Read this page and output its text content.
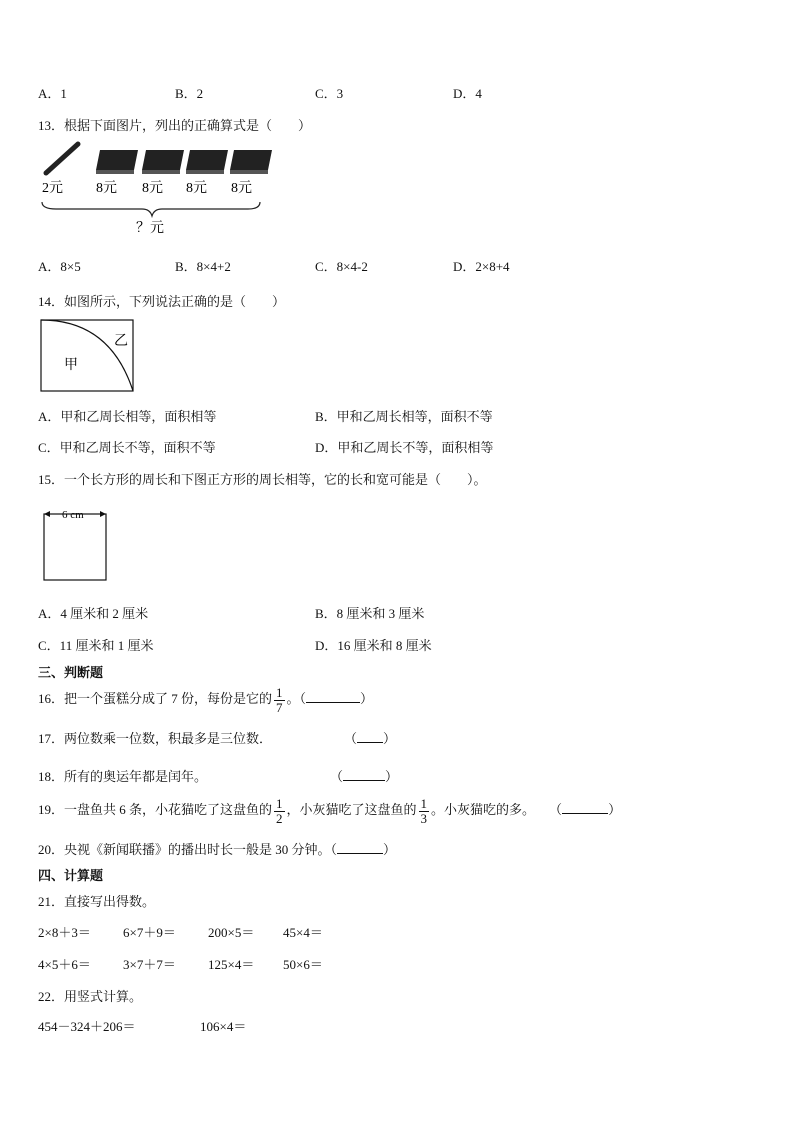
A．1	B．2	C．3	D．4
13．根据下面图片，列出的正确算式是（　　）
2元 8元 8元 8元 8元
？元
A．8×5	B．8×4+2	C．8×4-2	D．2×8+4
14．如图所示，下列说法正确的是（　　）
甲
乙
A．甲和乙周长相等，面积相等	B．甲和乙周长相等，面积不等
C．甲和乙周长不等，面积不等	D．甲和乙周长不等，面积相等
15．一个长方形的周长和下图正方形的周长相等，它的长和宽可能是（　　）。
6 cm
A．4 厘米和 2 厘米	B．8 厘米和 3 厘米
C．11 厘米和 1 厘米	D．16 厘米和 8 厘米
三、判断题
16．把一个蛋糕分成了 7 份，每份是它的 $\frac{1}{7}$ 。（	）
17．两位数乘一位数，积最多是三位数．	（ ）
18．所有的奥运年都是闰年。	（	）
19．一盘鱼共 6 条，小花猫吃了这盘鱼的 $\frac{1}{2}$ ，小灰猫吃了这盘鱼的 $\frac{1}{3}$ 。小灰猫吃的多。 （	）
20．央视《新闻联播》的播出时长一般是 30 分钟。（	）
四、计算题
21．直接写出得数。
2×8＋3＝ 6×7＋9＝ 200×5＝ 45×4＝
4×5＋6＝ 3×7＋7＝ 125×4＝ 50×6＝
22．用竖式计算。
454－324＋206＝	106×4＝
